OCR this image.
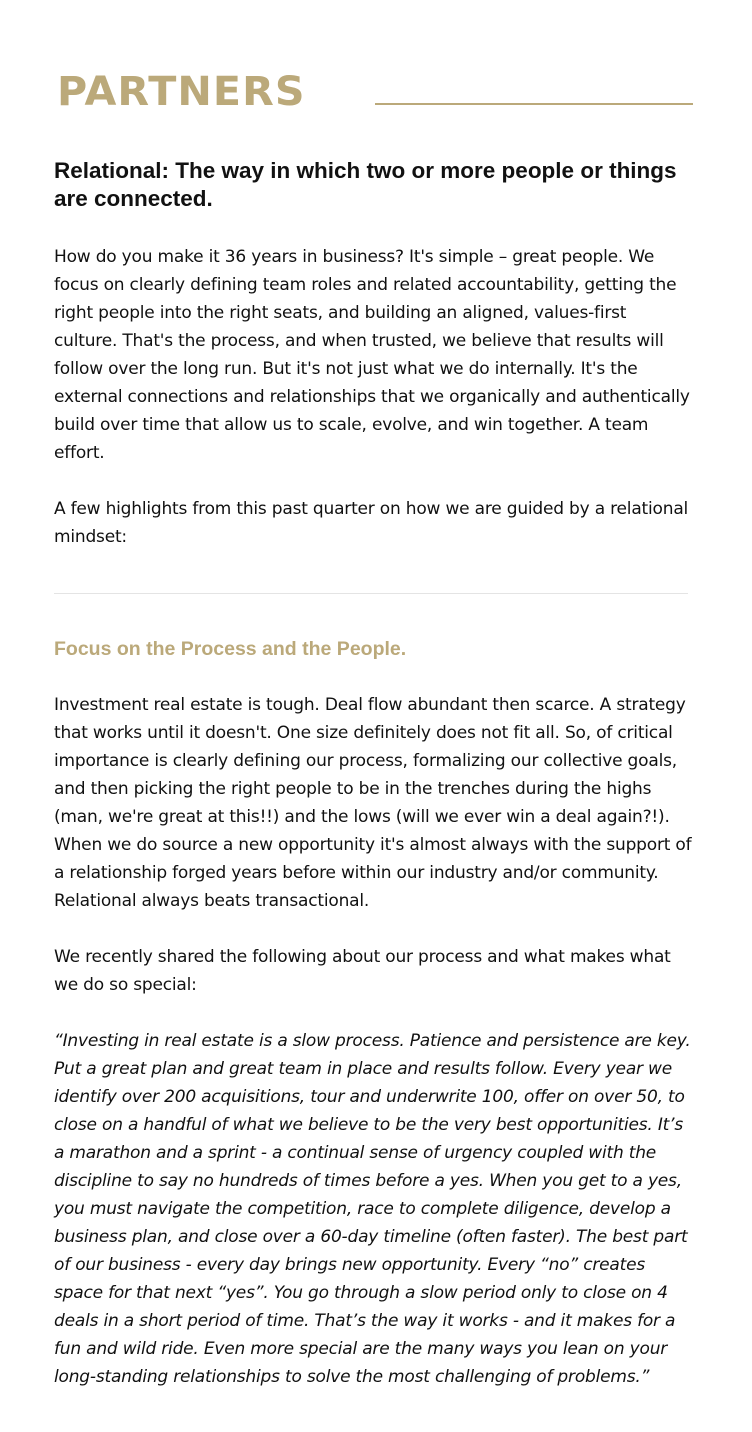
PARTNERS
Relational: The way in which two or more people or things are connected.

How do you make it 36 years in business? It's simple – great people. We focus on clearly defining team roles and related accountability, getting the right people into the right seats, and building an aligned, values-first culture. That's the process, and when trusted, we believe that results will follow over the long run. But it's not just what we do internally. It's the external connections and relationships that we organically and authentically build over time that allow us to scale, evolve, and win together. A team effort.

A few highlights from this past quarter on how we are guided by a relational mindset:

Focus on the Process and the People.

Investment real estate is tough. Deal flow abundant then scarce. A strategy that works until it doesn't. One size definitely does not fit all. So, of critical importance is clearly defining our process, formalizing our collective goals, and then picking the right people to be in the trenches during the highs (man, we're great at this!!) and the lows (will we ever win a deal again?!). When we do source a new opportunity it's almost always with the support of a relationship forged years before within our industry and/or community. Relational always beats transactional.

We recently shared the following about our process and what makes what we do so special:

“Investing in real estate is a slow process. Patience and persistence are key. Put a great plan and great team in place and results follow. Every year we identify over 200 acquisitions, tour and underwrite 100, offer on over 50, to close on a handful of what we believe to be the very best opportunities. It’s a marathon and a sprint - a continual sense of urgency coupled with the discipline to say no hundreds of times before a yes. When you get to a yes, you must navigate the competition, race to complete diligence, develop a business plan, and close over a 60-day timeline (often faster). The best part of our business - every day brings new opportunity. Every “no” creates space for that next “yes”. You go through a slow period only to close on 4 deals in a short period of time. That’s the way it works - and it makes for a fun and wild ride. Even more special are the many ways you lean on your long-standing relationships to solve the most challenging of problems.”
